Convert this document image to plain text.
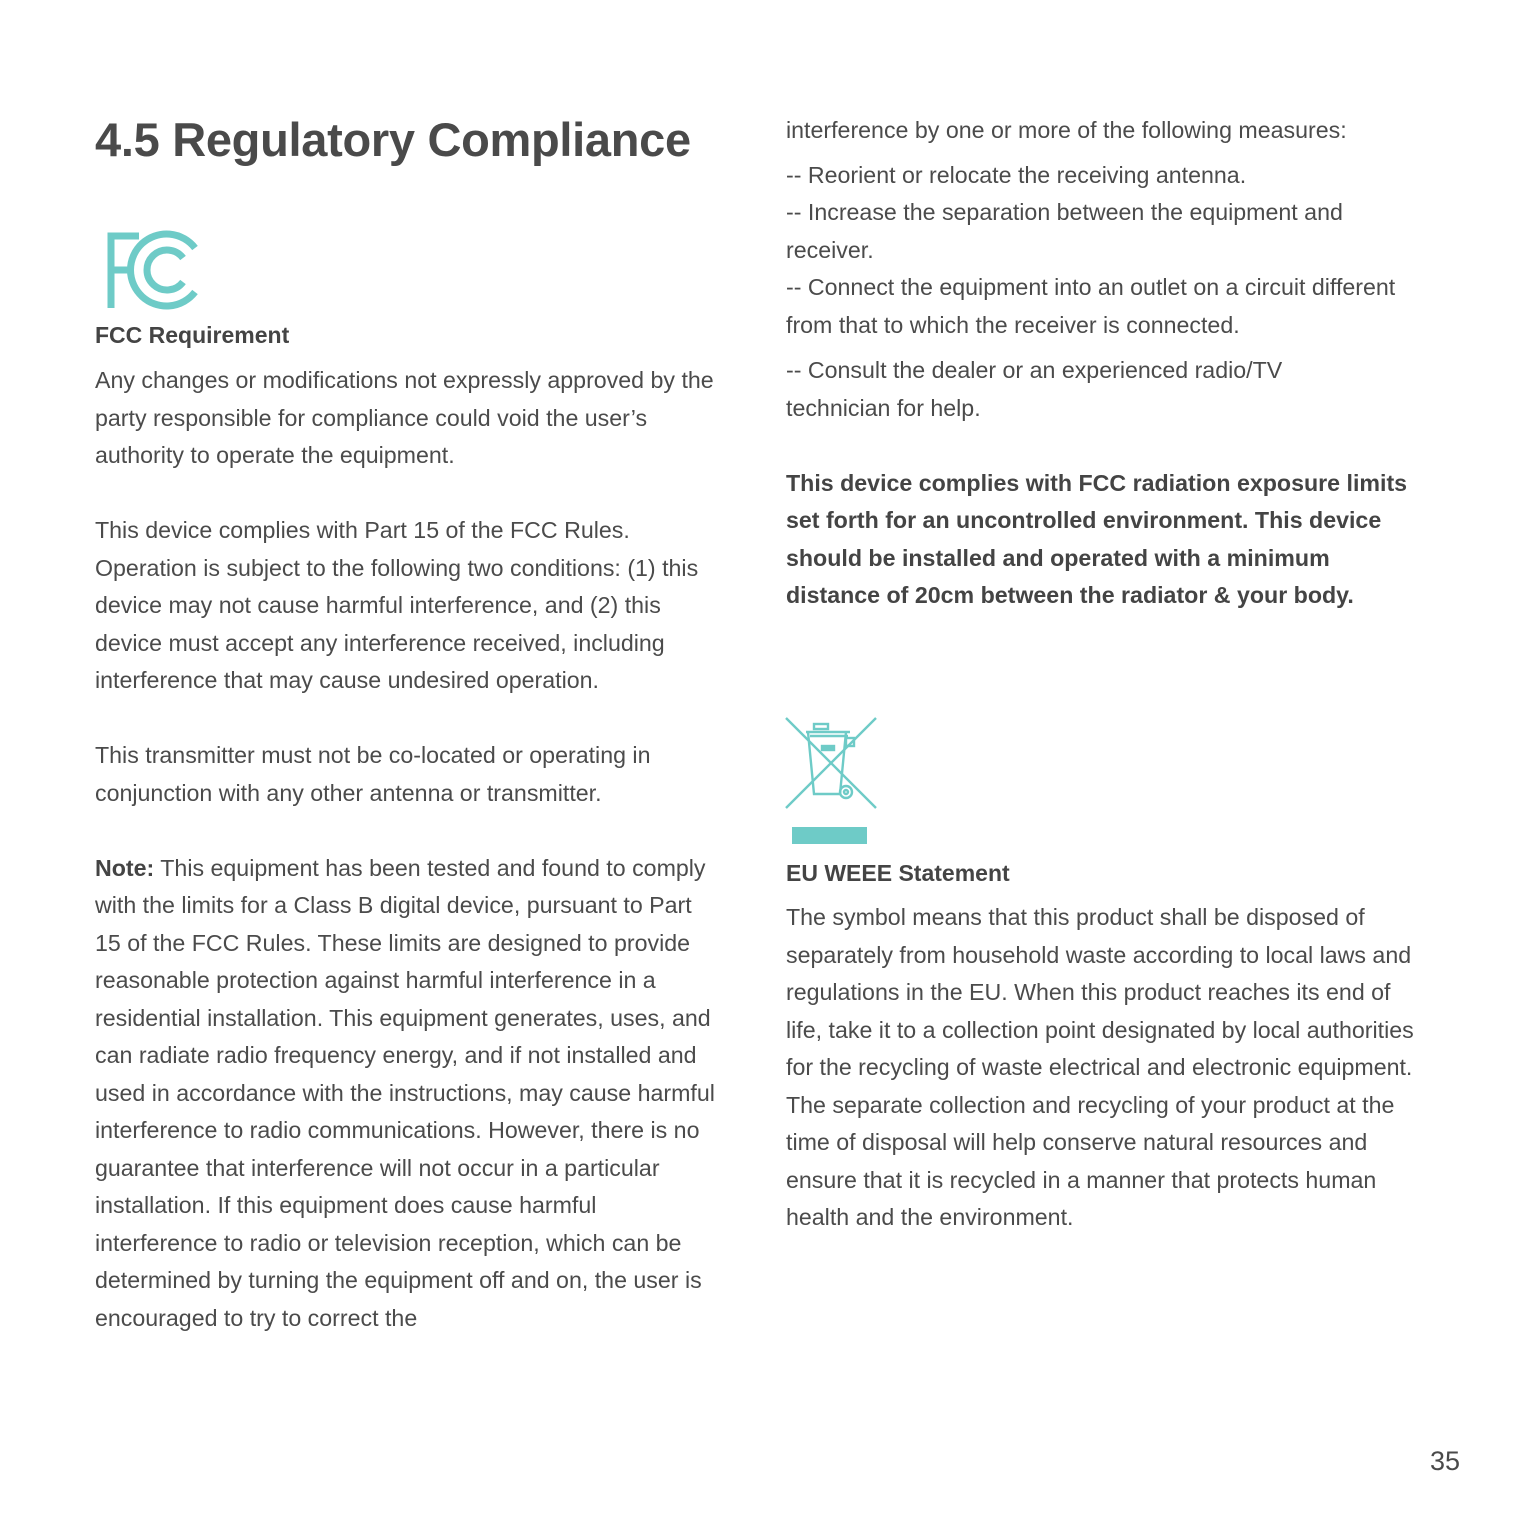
4.5 Regulatory Compliance

FCC Requirement

Any changes or modifications not expressly approved by the party responsible for compliance could void the user’s authority to operate the equipment.

This device complies with Part 15 of the FCC Rules. Operation is subject to the following two conditions: (1) this device may not cause harmful interference, and (2) this device must accept any interference received, including interference that may cause undesired operation.

This transmitter must not be co-located or operating in conjunction with any other antenna or transmitter.

Note: This equipment has been tested and found to comply with the limits for a Class B digital device, pursuant to Part 15 of the FCC Rules. These limits are designed to provide reasonable protection against harmful interference in a residential installation. This equipment generates, uses, and can radiate radio frequency energy, and if not installed and used in accordance with the instructions, may cause harmful interference to radio communications. However, there is no guarantee that interference will not occur in a particular installation. If this equipment does cause harmful interference to radio or television reception, which can be determined by turning the equipment off and on, the user is encouraged to try to correct the

interference by one or more of the following measures:

-- Reorient or relocate the receiving antenna.

-- Increase the separation between the equipment and receiver.

-- Connect the equipment into an outlet on a circuit different from that to which the receiver is connected.

-- Consult the dealer or an experienced radio/TV technician for help.

This device complies with FCC radiation exposure limits set forth for an uncontrolled environment. This device should be installed and operated with a minimum distance of 20cm between the radiator & your body.

EU WEEE Statement

The symbol means that this product shall be disposed of separately from household waste according to local laws and regulations in the EU. When this product reaches its end of life, take it to a collection point designated by local authorities for the recycling of waste electrical and electronic equipment. The separate collection and recycling of your product at the time of disposal will help conserve natural resources and ensure that it is recycled in a manner that protects human health and the environment.

35
